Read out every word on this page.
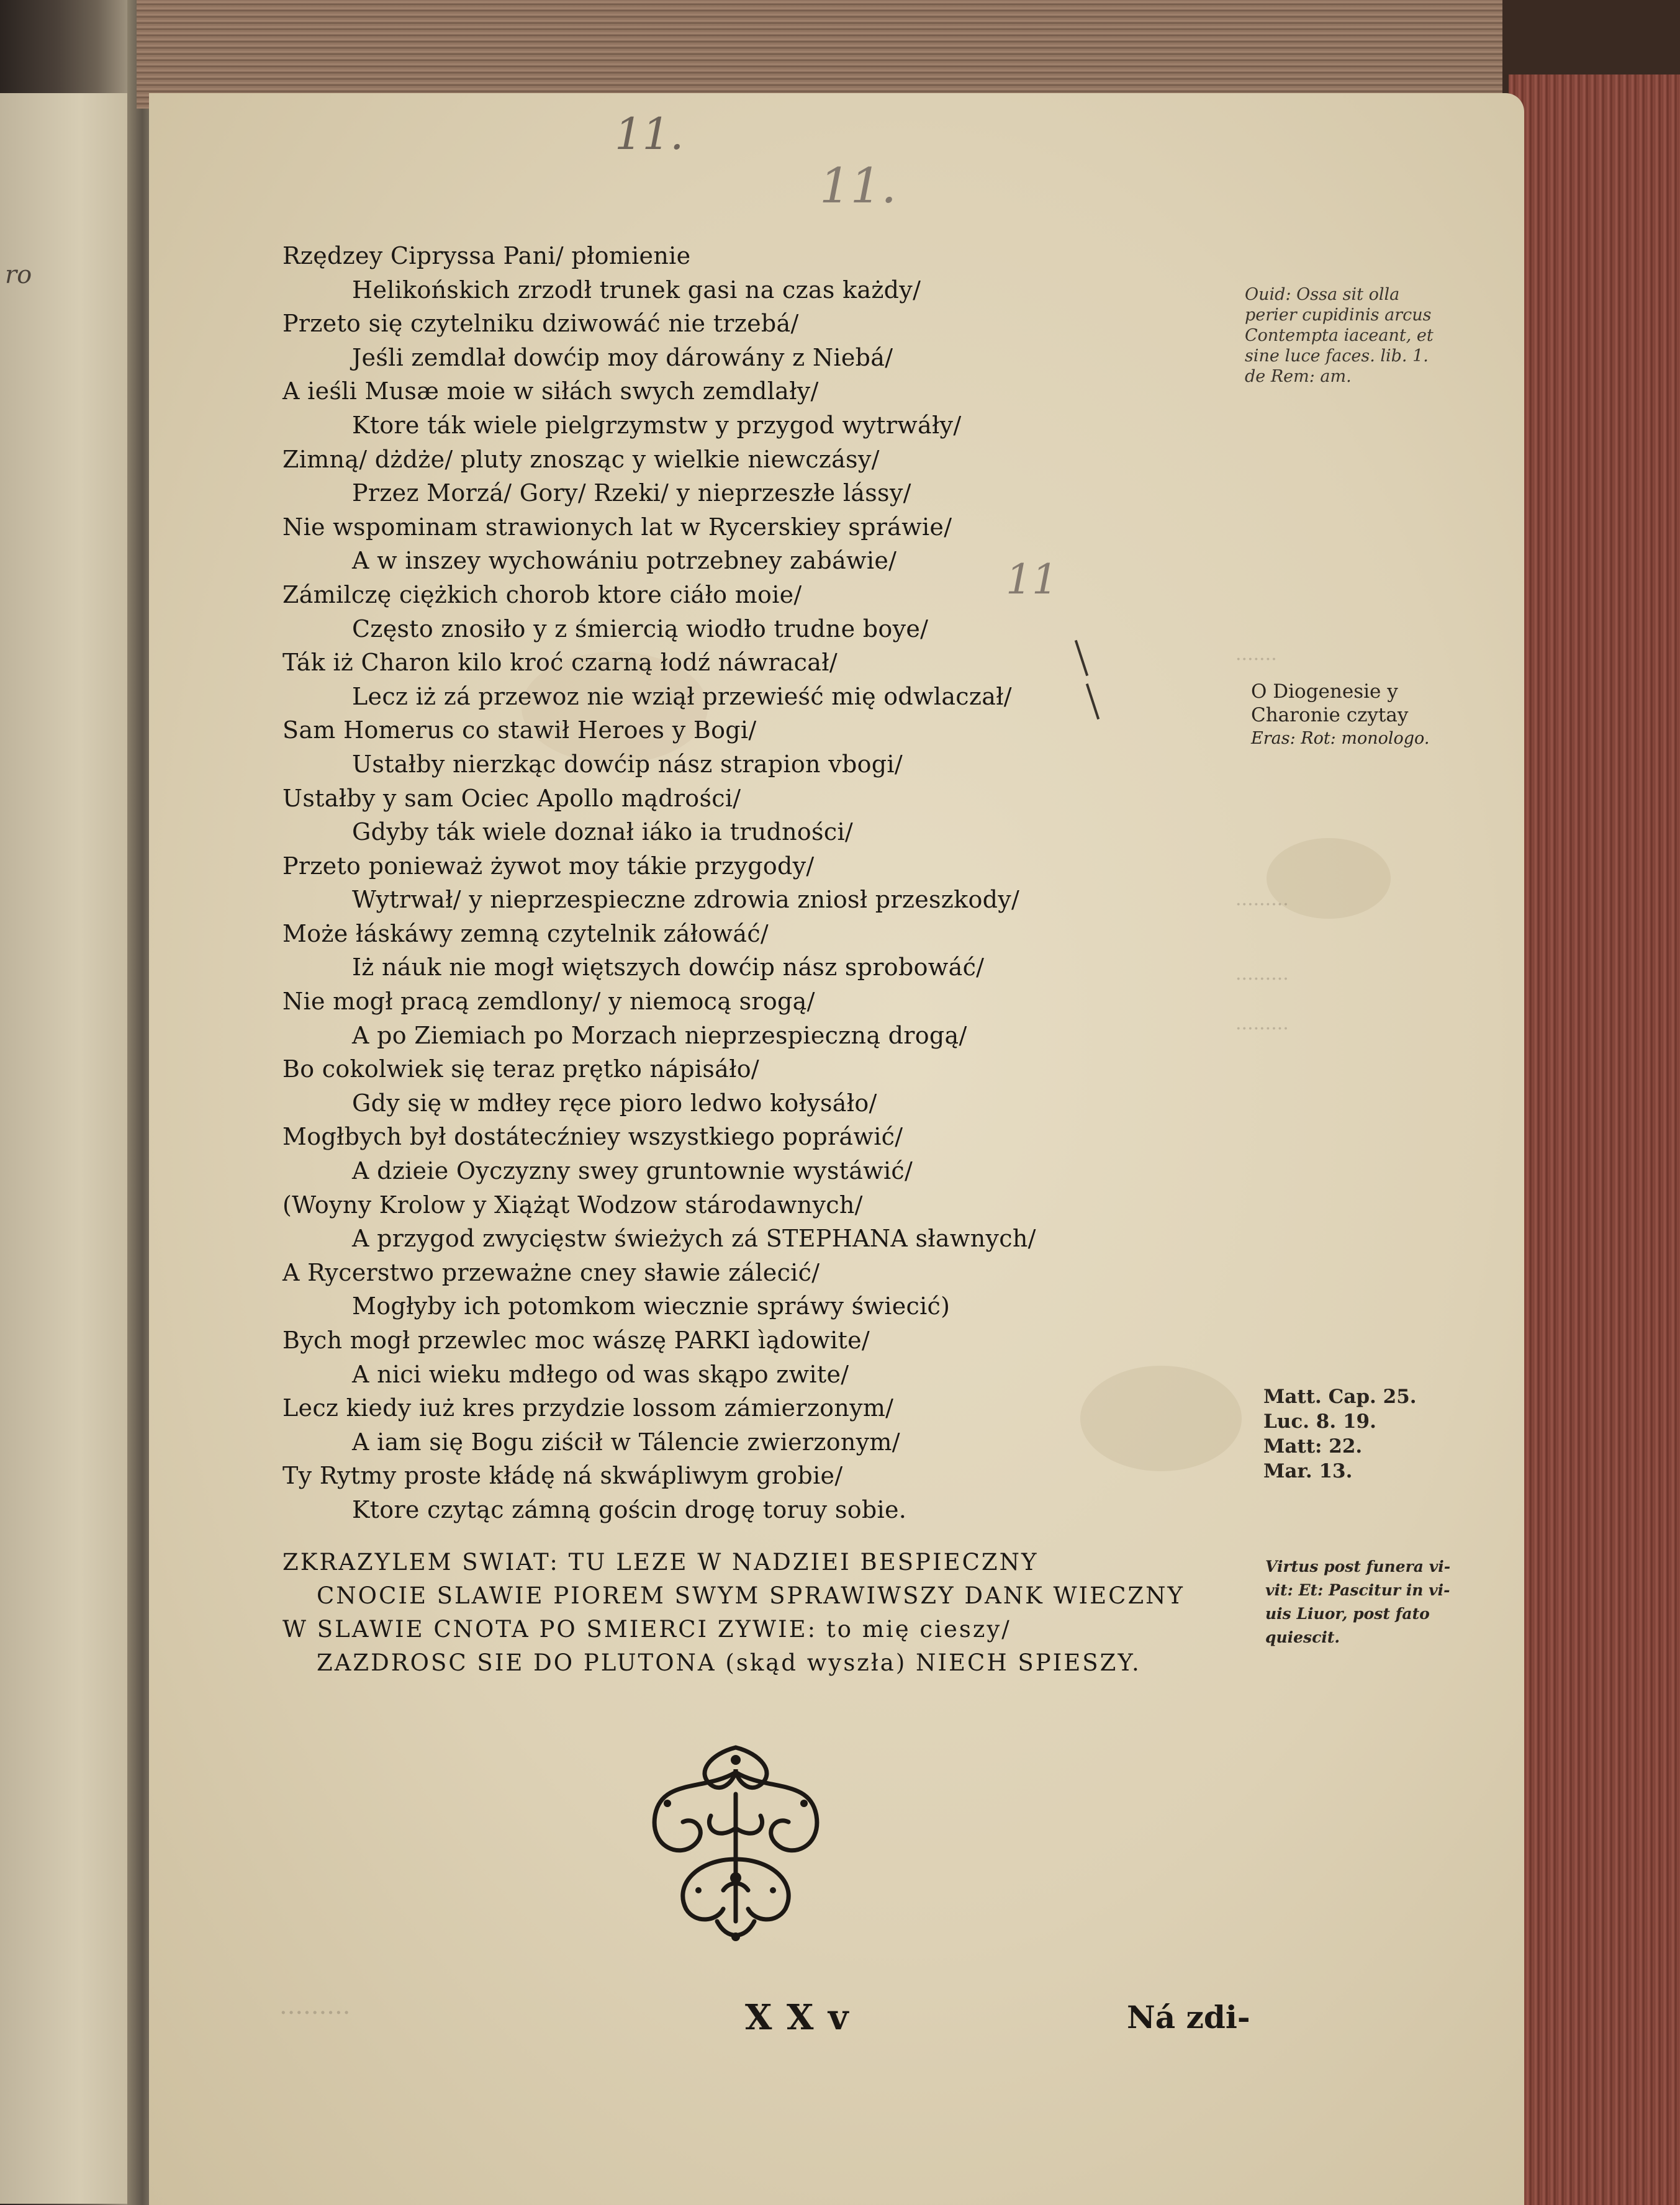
ro
11.
11.
11
·······
·········
·········
·········
Rzędzey Cipryssa Pani/ płomienie
Helikońskich zrzodł trunek gasi na czas każdy/
Przeto się czytelniku dziwowáć nie trzebá/
Jeśli zemdlał dowćip moy dárowány z Niebá/
A ieśli Musæ moie w siłách swych zemdlały/
Ktore ták wiele pielgrzymstw y przygod wytrwáły/
Zimną/ dżdże/ pluty znosząc y wielkie niewczásy/
Przez Morzá/ Gory/ Rzeki/ y nieprzeszłe lássy/
Nie wspominam strawionych lat w Rycerskiey spráwie/
A w inszey wychowániu potrzebney zabáwie/
Zámilczę ciężkich chorob ktore ciáło moie/
Często znosiło y z śmiercią wiodło trudne boye/
Ták iż Charon kilo kroć czarną łodź náwracał/
Lecz iż zá przewoz nie wziął przewieść mię odwlaczał/
Sam Homerus co stawił Heroes y Bogi/
Ustałby nierzkąc dowćip nász strapion vbogi/
Ustałby y sam Ociec Apollo mądrości/
Gdyby ták wiele doznał iáko ia trudności/
Przeto ponieważ żywot moy tákie przygody/
Wytrwał/ y nieprzespieczne zdrowia zniosł przeszkody/
Może łáskáwy zemną czytelnik záłowáć/
Iż náuk nie mogł więtszych dowćip nász sprobowáć/
Nie mogł pracą zemdlony/ y niemocą srogą/
A po Ziemiach po Morzach nieprzespieczną drogą/
Bo cokolwiek się teraz prętko nápisáło/
Gdy się w mdłey ręce pioro ledwo kołysáło/
Mogłbych był dostátecźniey wszystkiego popráwić/
A dzieie Oyczyzny swey gruntownie wystáwić/
(Woyny Krolow y Xiążąt Wodzow stárodawnych/
A przygod zwycięstw świeżych zá STEPHANA sławnych/
A Rycerstwo przeważne cney sławie zálecić/
Mogłyby ich potomkom wiecznie spráwy świecić)
Bych mogł przewlec moc wászę PARKI ìądowite/
A nici wieku mdłego od was skąpo zwite/
Lecz kiedy iuż kres przydzie lossom zámierzonym/
A iam się Bogu ziścił w Tálencie zwierzonym/
Ty Rytmy proste kłádę ná skwápliwym grobie/
Ktore czytąc zámną gościn drogę toruy sobie.
ZKRAZYLEM SWIAT: TU LEZE W NADZIEI BESPIECZNY
CNOCIE SLAWIE PIOREM SWYM SPRAWIWSZY DANK WIECZNY
W SLAWIE CNOTA PO SMIERCI ZYWIE: to mię cieszy/
ZAZDROSC SIE DO PLUTONA (skąd wyszła) NIECH SPIESZY.
Ouid: Ossa sit olla
perier cupidinis arcus
Contempta iaceant, et
sine luce faces. lib. 1.
de Rem: am.
O Diogenesie y
Charonie czytay
Eras: Rot: monologo.
Matt. Cap. 25.
Luc. 8. 19.
Matt: 22.
Mar. 13.
Virtus post funera vi-
vit: Et: Pascitur in vi-
uis Liuor, post fato
quiescit.
X X v	Ná zdi-
·········
